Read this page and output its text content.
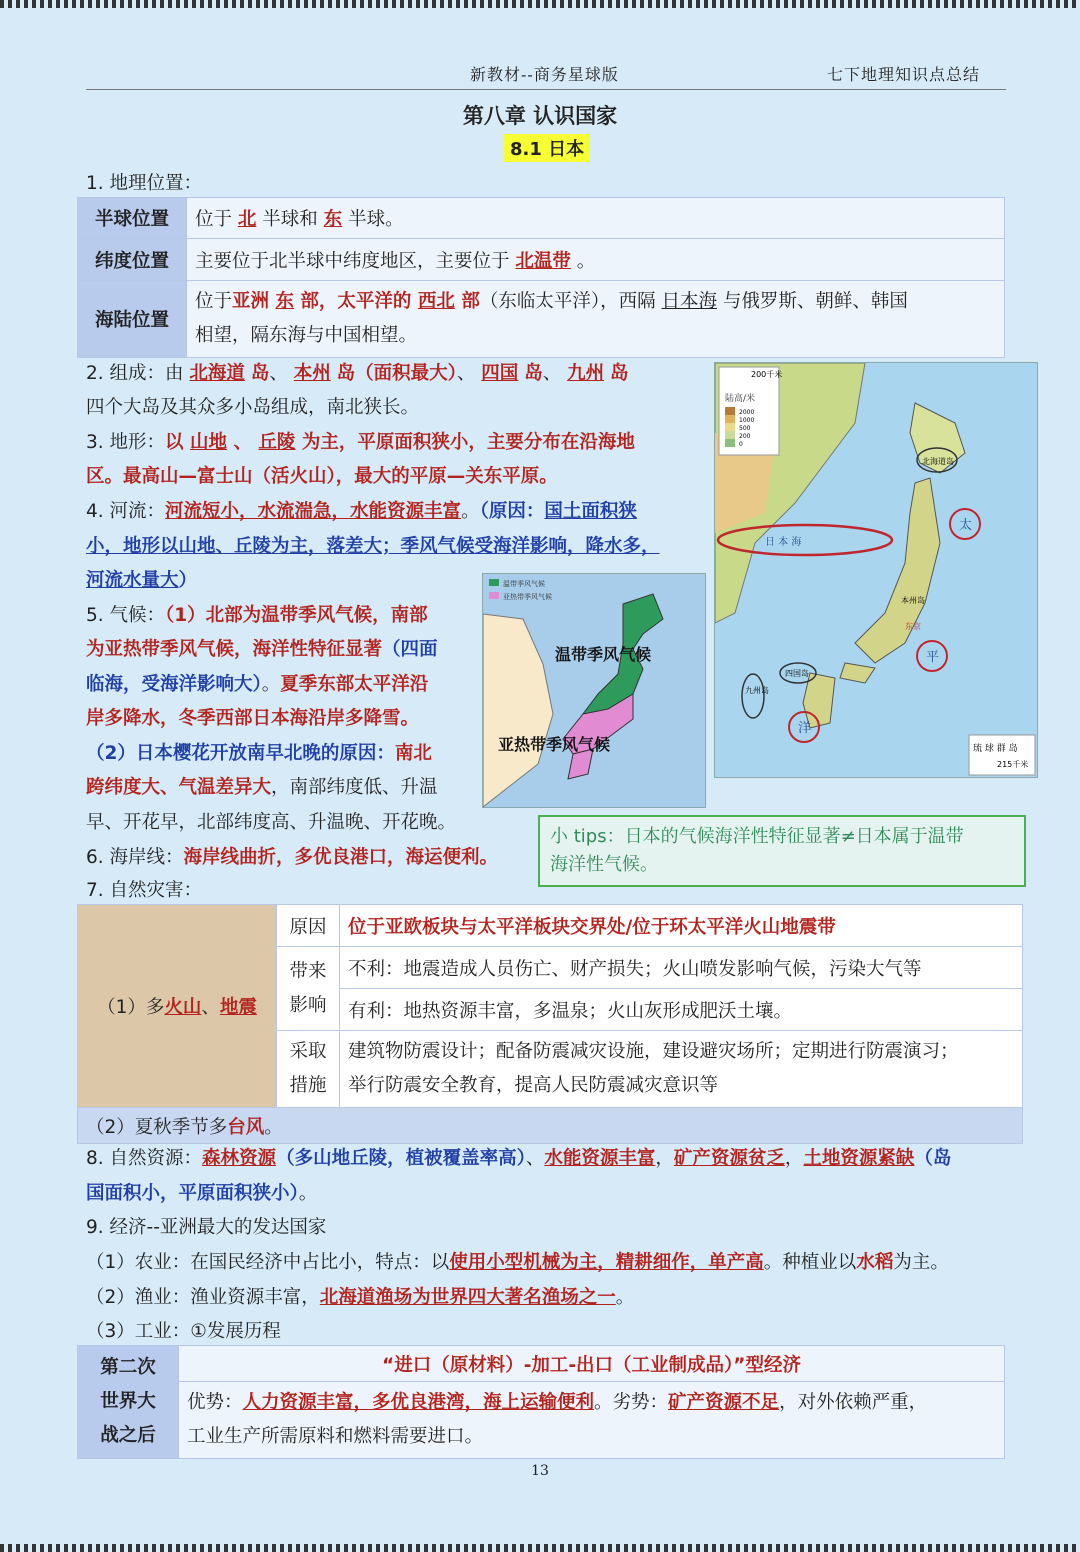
新教材--商务星球版	七下地理知识点总结
第八章 认识国家
8.1 日本
1. 地理位置：
半球位置	位于 北 半球和 东 半球。
纬度位置	主要位于北半球中纬度地区，主要位于 北温带 。
海陆位置	位于亚洲 东 部，太平洋的 西北 部（东临太平洋），西隔 日本海 与俄罗斯、朝鲜、韩国
相望，隔东海与中国相望。
2. 组成：由 北海道 岛、 本州 岛（面积最大）、 四国 岛、 九州 岛
四个大岛及其众多小岛组成，南北狭长。
3. 地形：以 山地 、 丘陵 为主，平原面积狭小，主要分布在沿海地
区。最高山—富士山（活火山），最大的平原—关东平原。
4. 河流：河流短小，水流湍急，水能资源丰富。（原因：国土面积狭
小，地形以山地、丘陵为主，落差大；季风气候受海洋影响，降水多，
河流水量大）
5. 气候：（1）北部为温带季风气候，南部
为亚热带季风气候，海洋性特征显著（四面
临海，受海洋影响大）。夏季东部太平洋沿
岸多降水，冬季西部日本海沿岸多降雪。
（2）日本樱花开放南早北晚的原因：南北
跨纬度大、气温差异大，南部纬度低、升温
早、开花早，北部纬度高、升温晚、开花晚。
6. 海岸线：海岸线曲折，多优良港口，海运便利。
温带季风气候
亚热带季风气候
温带季风气候
亚热带季风气候
陆高/米
2000
1000
500
200
0
200千米
日 本 海
北海道岛
本州岛
东京
四国岛
九州岛
太
平
洋
琉 球 群 岛
215千米
小 tips：日本的气候海洋性特征显著≠日本属于温带
海洋性气候。
7. 自然灾害：
（1）多火山、地震	原因	位于亚欧板块与太平洋板块交界处/位于环太平洋火山地震带
	带来
影响	不利：地震造成人员伤亡、财产损失；火山喷发影响气候，污染大气等
		有利：地热资源丰富，多温泉；火山灰形成肥沃土壤。
	采取
措施	建筑物防震设计；配备防震减灾设施，建设避灾场所；定期进行防震演习；
举行防震安全教育，提高人民防震减灾意识等
（2）夏秋季节多台风。		
8. 自然资源：森林资源（多山地丘陵，植被覆盖率高）、水能资源丰富，矿产资源贫乏，土地资源紧缺（岛
国面积小，平原面积狭小）。
9. 经济--亚洲最大的发达国家
（1）农业：在国民经济中占比小，特点：以使用小型机械为主，精耕细作，单产高。种植业以水稻为主。
（2）渔业：渔业资源丰富，北海道渔场为世界四大著名渔场之一。
（3）工业：①发展历程
第二次
世界大
战之后	“进口（原材料）-加工-出口（工业制成品）”型经济
优势：人力资源丰富，多优良港湾，海上运输便利。劣势：矿产资源不足，对外依赖严重，
工业生产所需原料和燃料需要进口。
13
